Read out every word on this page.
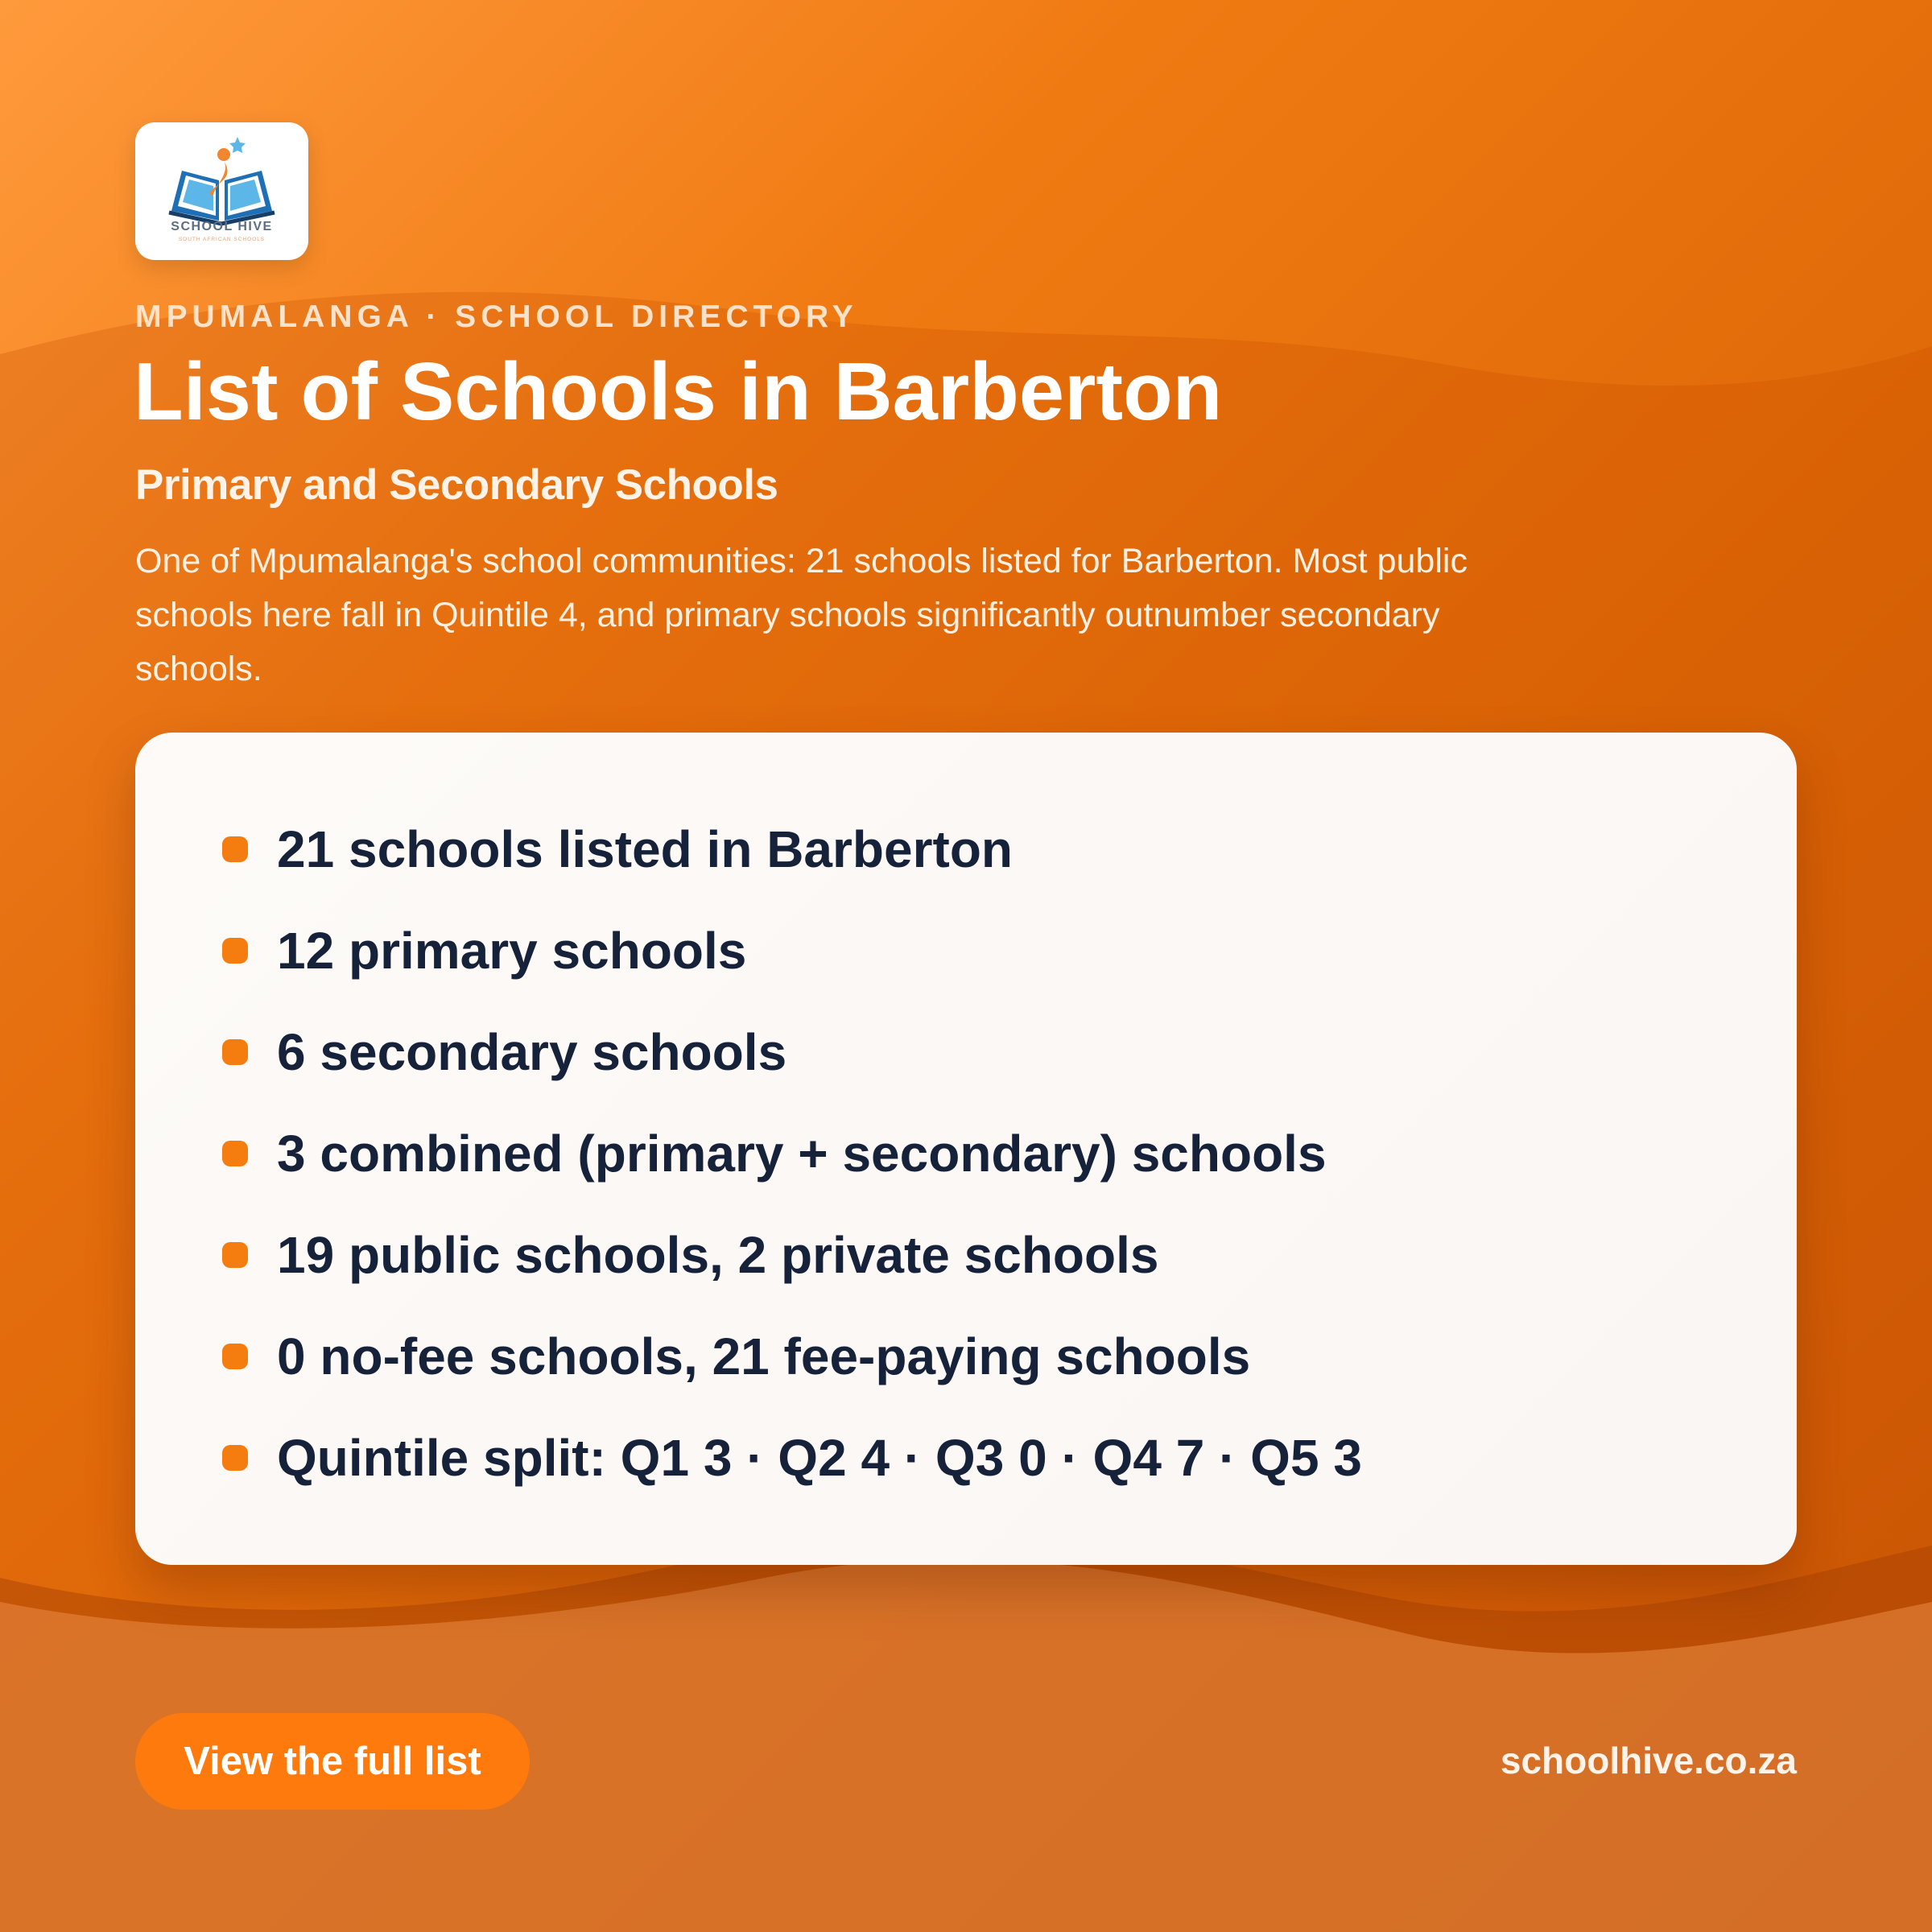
SCHOOL HIVE
SOUTH AFRICAN SCHOOLS
MPUMALANGA · SCHOOL DIRECTORY
List of Schools in Barberton
Primary and Secondary Schools

One of Mpumalanga's school communities: 21 schools listed for Barberton. Most public schools here fall in Quintile 4, and primary schools significantly outnumber secondary schools.

21 schools listed in Barberton
12 primary schools
6 secondary schools
3 combined (primary + secondary) schools
19 public schools, 2 private schools
0 no-fee schools, 21 fee-paying schools
Quintile split: Q1 3 · Q2 4 · Q3 0 · Q4 7 · Q5 3
View the full list	schoolhive.co.za
